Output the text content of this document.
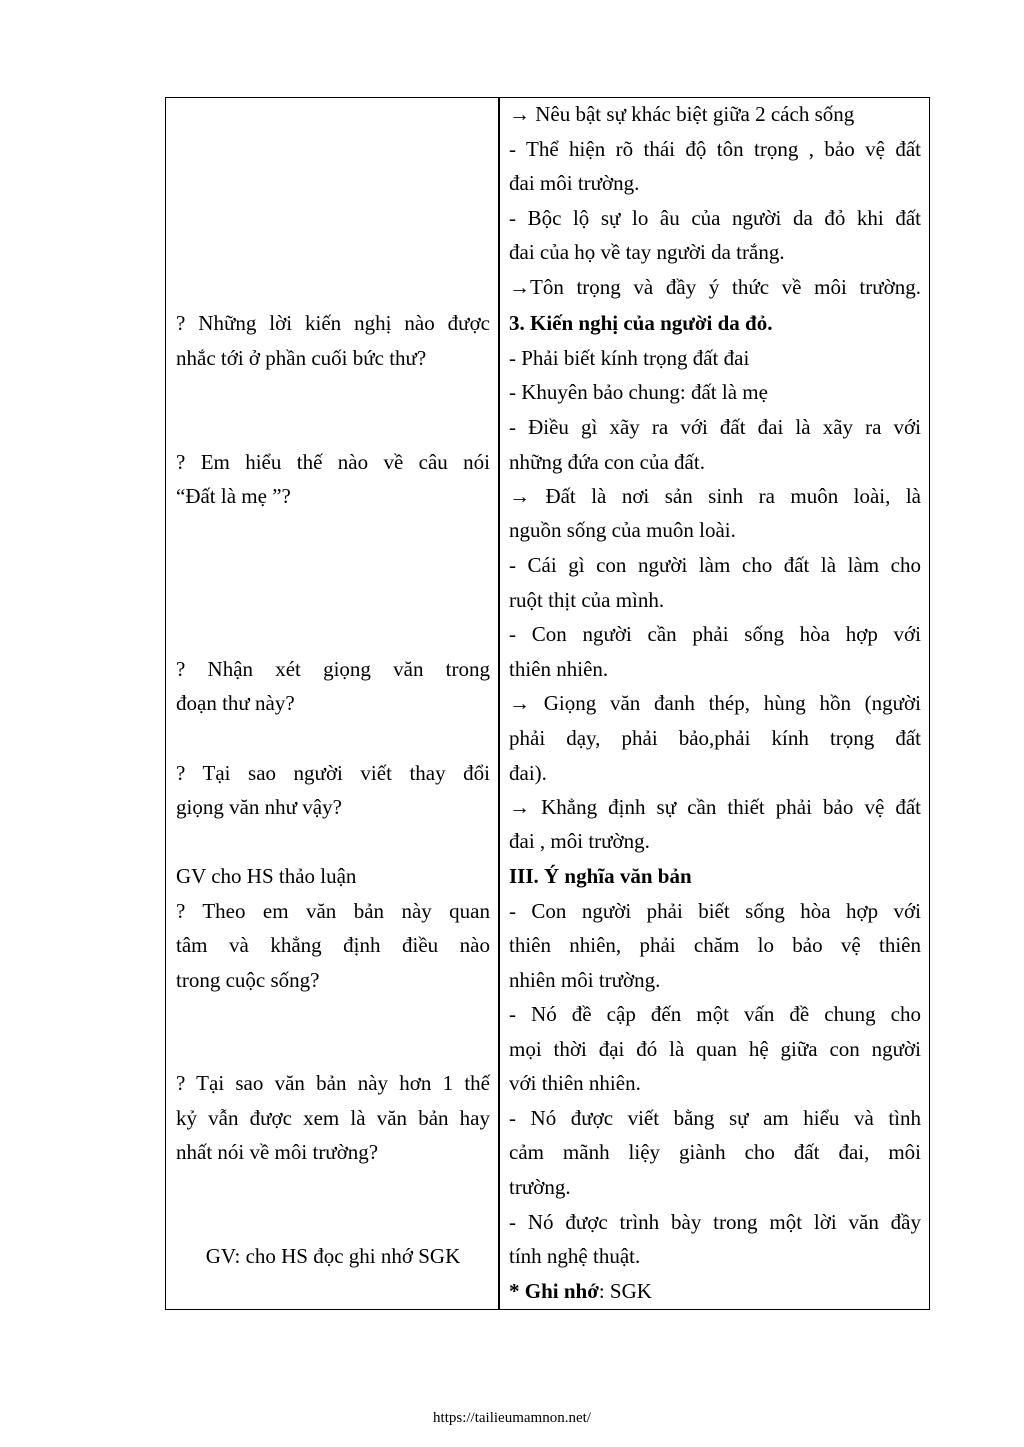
? Những lời kiến nghị nào được
nhắc tới ở phần cuối bức thư?
? Em hiểu thế nào về câu nói
“Đất là mẹ ”?
? Nhận xét giọng văn trong
đoạn thư này?
? Tại sao người viết thay đổi
giọng văn như vậy?
GV cho HS thảo luận
? Theo em văn bản này quan
tâm và khẳng định điều nào
trong cuộc sống?
? Tại sao văn bản này hơn 1 thế
kỷ vẫn được xem là văn bản hay
nhất nói về môi trường?
GV: cho HS đọc ghi nhớ SGK
→ Nêu bật sự khác biệt giữa 2 cách sống
- Thể hiện rõ thái độ tôn trọng , bảo vệ đất
đai môi trường.
- Bộc lộ sự lo âu của người da đỏ khi đất
đai của họ về tay người da trắng.
→Tôn trọng và đầy ý thức về môi trường.
3. Kiến nghị của người da đỏ.
- Phải biết kính trọng đất đai
- Khuyên bảo chung: đất là mẹ
- Điều gì xãy ra với đất đai là xãy ra với
những đứa con của đất.
→ Đất là nơi sản sinh ra muôn loài, là
nguồn sống của muôn loài.
- Cái gì con người làm cho đất là làm cho
ruột thịt của mình.
- Con người cần phải sống hòa hợp với
thiên nhiên.
→ Giọng văn đanh thép, hùng hồn (người
phải dạy, phải bảo,phải kính trọng đất
đai).
→ Khẳng định sự cần thiết phải bảo vệ đất
đai , môi trường.
III. Ý nghĩa văn bản
- Con người phải biết sống hòa hợp với
thiên nhiên, phải chăm lo bảo vệ thiên
nhiên môi trường.
- Nó đề cập đến một vấn đề chung cho
mọi thời đại đó là quan hệ giữa con người
với thiên nhiên.
- Nó được viết bằng sự am hiểu và tình
cảm mãnh liệy giành cho đất đai, môi
trường.
- Nó được trình bày trong một lời văn đầy
tính nghệ thuật.
* Ghi nhớ: SGK
https://tailieumamnon.net/
